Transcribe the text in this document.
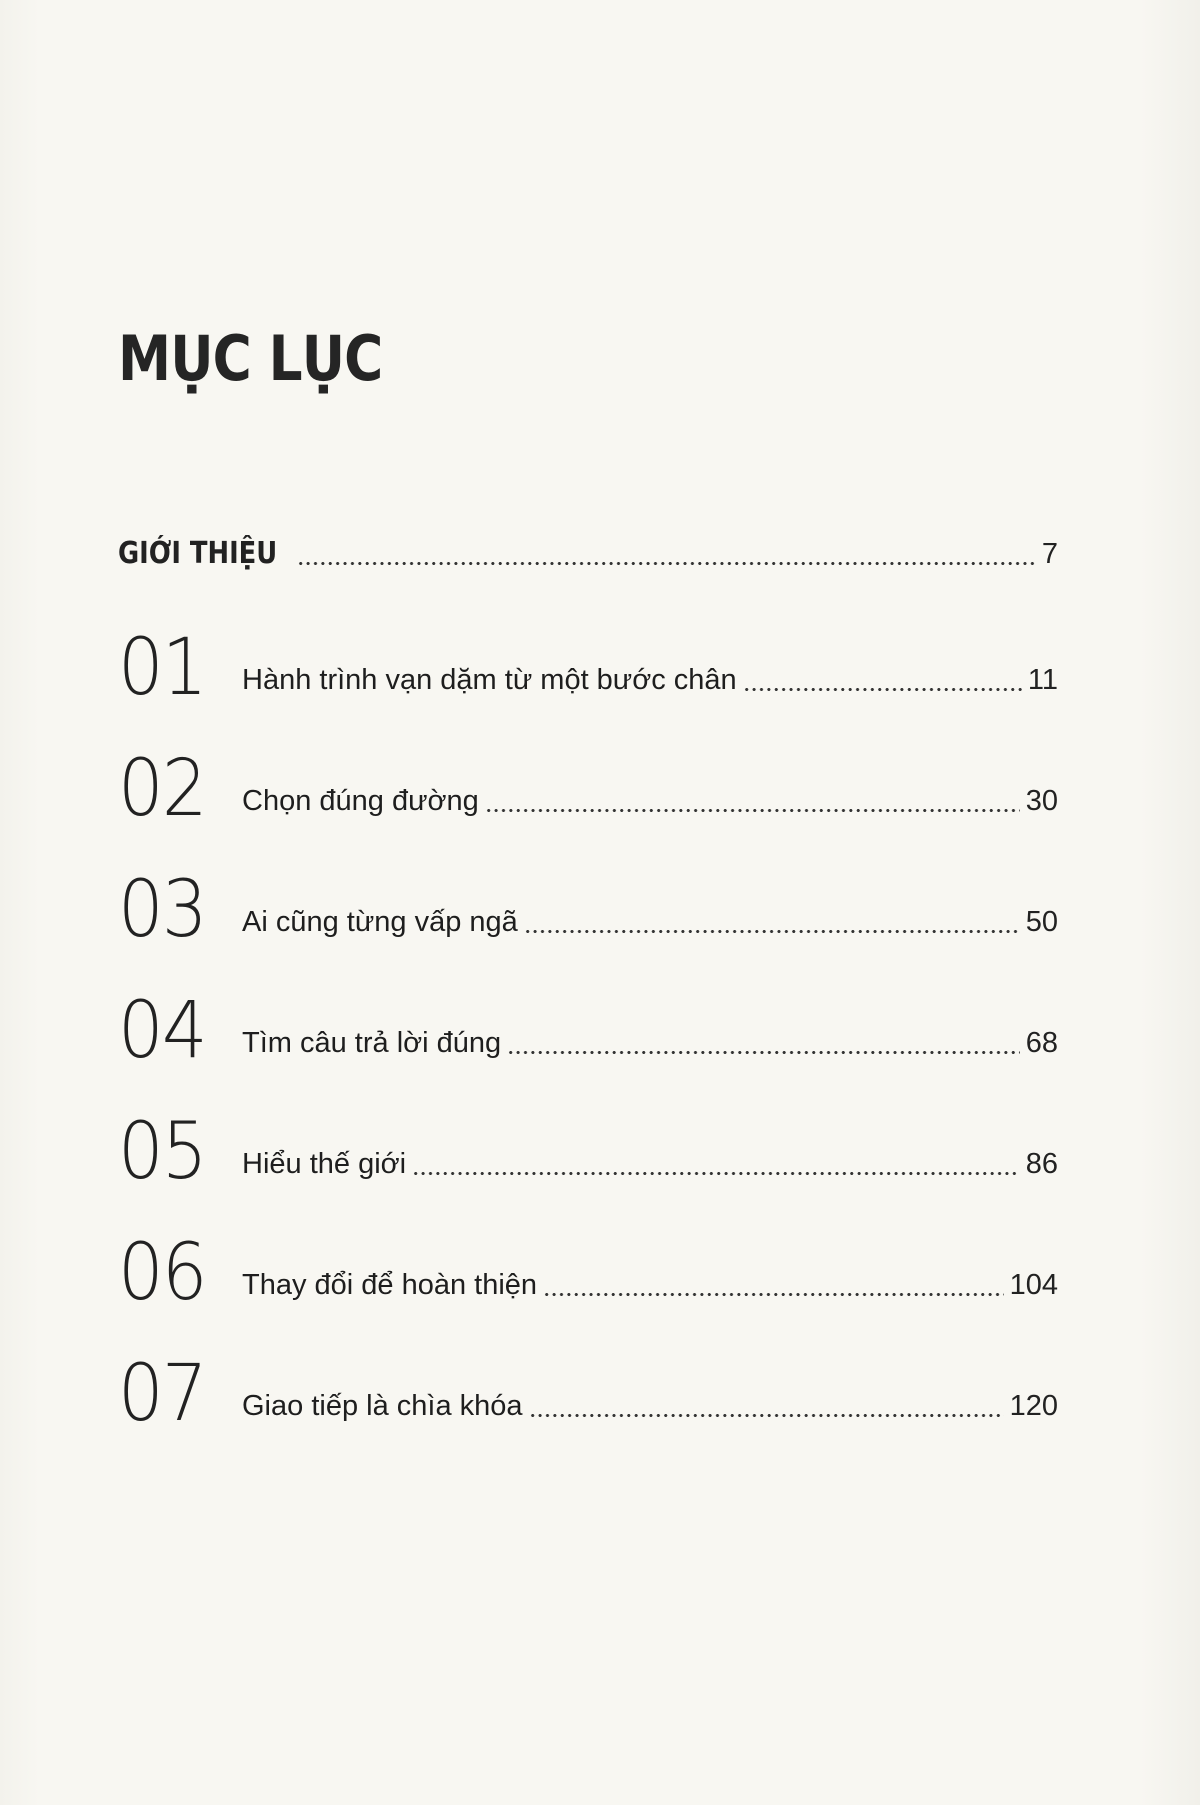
MỤC LỤC
GIỚI THIỆU	7
01 Hành trình vạn dặm từ một bước chân	11
02 Chọn đúng đường	30
03 Ai cũng từng vấp ngã	50
04 Tìm câu trả lời đúng	68
05 Hiểu thế giới	86
06 Thay đổi để hoàn thiện	104
07 Giao tiếp là chìa khóa	120
